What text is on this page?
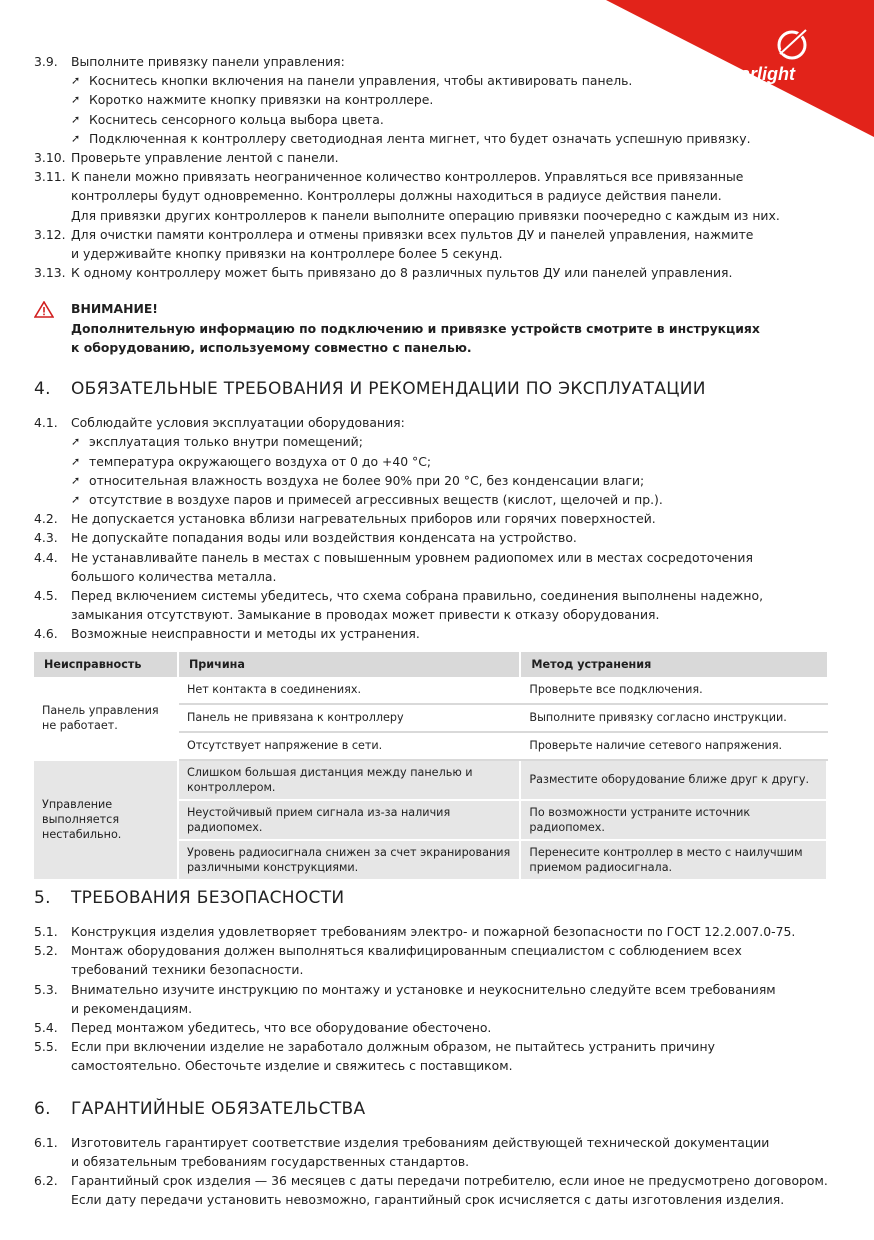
arlight
3.9. Выполните привязку панели управления:
➚ Коснитесь кнопки включения на панели управления, чтобы активировать панель.
➚ Коротко нажмите кнопку привязки на контроллере.
➚ Коснитесь сенсорного кольца выбора цвета.
➚ Подключенная к контроллеру светодиодная лента мигнет, что будет означать успешную привязку.
3.10. Проверьте управление лентой с панели.
3.11. К панели можно привязать неограниченное количество контроллеров. Управляться все привязанные
контроллеры будут одновременно. Контроллеры должны находиться в радиусе действия панели.
Для привязки других контроллеров к панели выполните операцию привязки поочередно с каждым из них.
3.12. Для очистки памяти контроллера и отмены привязки всех пультов ДУ и панелей управления, нажмите
и удерживайте кнопку привязки на контроллере более 5 секунд.
3.13. К одному контроллеру может быть привязано до 8 различных пультов ДУ или панелей управления.
ВНИМАНИЕ!
Дополнительную информацию по подключению и привязке устройств смотрите в инструкциях
к оборудованию, используемому совместно с панелью.
4. ОБЯЗАТЕЛЬНЫЕ ТРЕБОВАНИЯ И РЕКОМЕНДАЦИИ ПО ЭКСПЛУАТАЦИИ
4.1. Соблюдайте условия эксплуатации оборудования:
➚ эксплуатация только внутри помещений;
➚ температура окружающего воздуха от 0 до +40 °C;
➚ относительная влажность воздуха не более 90% при 20 °C, без конденсации влаги;
➚ отсутствие в воздухе паров и примесей агрессивных веществ (кислот, щелочей и пр.).
4.2. Не допускается установка вблизи нагревательных приборов или горячих поверхностей.
4.3. Не допускайте попадания воды или воздействия конденсата на устройство.
4.4. Не устанавливайте панель в местах с повышенным уровнем радиопомех или в местах сосредоточения
большого количества металла.
4.5. Перед включением системы убедитесь, что схема собрана правильно, соединения выполнены надежно,
замыкания отсутствуют. Замыкание в проводах может привести к отказу оборудования.
4.6. Возможные неисправности и методы их устранения.
Неисправность	Причина	Метод устранения
Панель управления не работает.	Нет контакта в соединениях.	Проверьте все подключения.
	Панель не привязана к контроллеру	Выполните привязку согласно инструкции.
	Отсутствует напряжение в сети.	Проверьте наличие сетевого напряжения.
Управление выполняется нестабильно.	Слишком большая дистанция между панелью и контроллером.	Разместите оборудование ближе друг к другу.
	Неустойчивый прием сигнала из-за наличия радиопомех.	По возможности устраните источник радиопомех.
	Уровень радиосигнала снижен за счет экранирования различными конструкциями.	Перенесите контроллер в место с наилучшим приемом радиосигнала.
5. ТРЕБОВАНИЯ БЕЗОПАСНОСТИ
5.1. Конструкция изделия удовлетворяет требованиям электро- и пожарной безопасности по ГОСТ 12.2.007.0-75.
5.2. Монтаж оборудования должен выполняться квалифицированным специалистом с соблюдением всех
требований техники безопасности.
5.3. Внимательно изучите инструкцию по монтажу и установке и неукоснительно следуйте всем требованиям
и рекомендациям.
5.4. Перед монтажом убедитесь, что все оборудование обесточено.
5.5. Если при включении изделие не заработало должным образом, не пытайтесь устранить причину
самостоятельно. Обесточьте изделие и свяжитесь с поставщиком.
6. ГАРАНТИЙНЫЕ ОБЯЗАТЕЛЬСТВА
6.1. Изготовитель гарантирует соответствие изделия требованиям действующей технической документации
и обязательным требованиям государственных стандартов.
6.2. Гарантийный срок изделия — 36 месяцев с даты передачи потребителю, если иное не предусмотрено договором.
Если дату передачи установить невозможно, гарантийный срок исчисляется с даты изготовления изделия.
